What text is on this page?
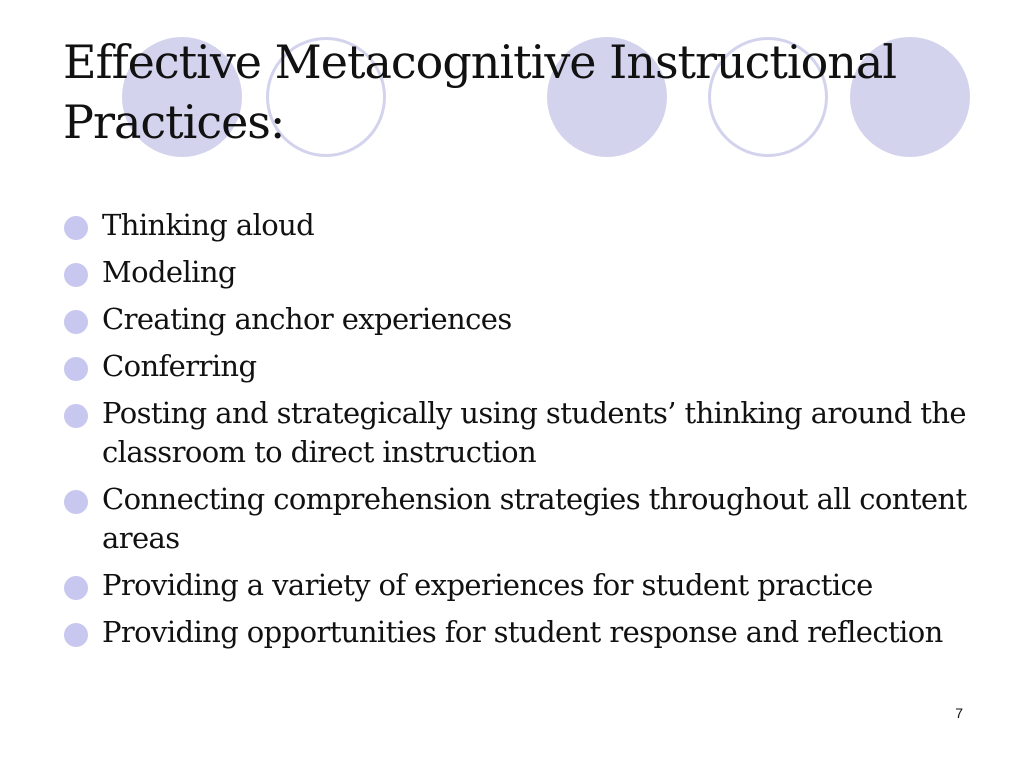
Effective Metacognitive Instructional Practices:
Thinking aloud
Modeling
Creating anchor experiences
Conferring
Posting and strategically using students’ thinking around the classroom to direct instruction
Connecting comprehension strategies throughout all content areas
Providing a variety of experiences for student practice
Providing opportunities for student response and reflection
7
